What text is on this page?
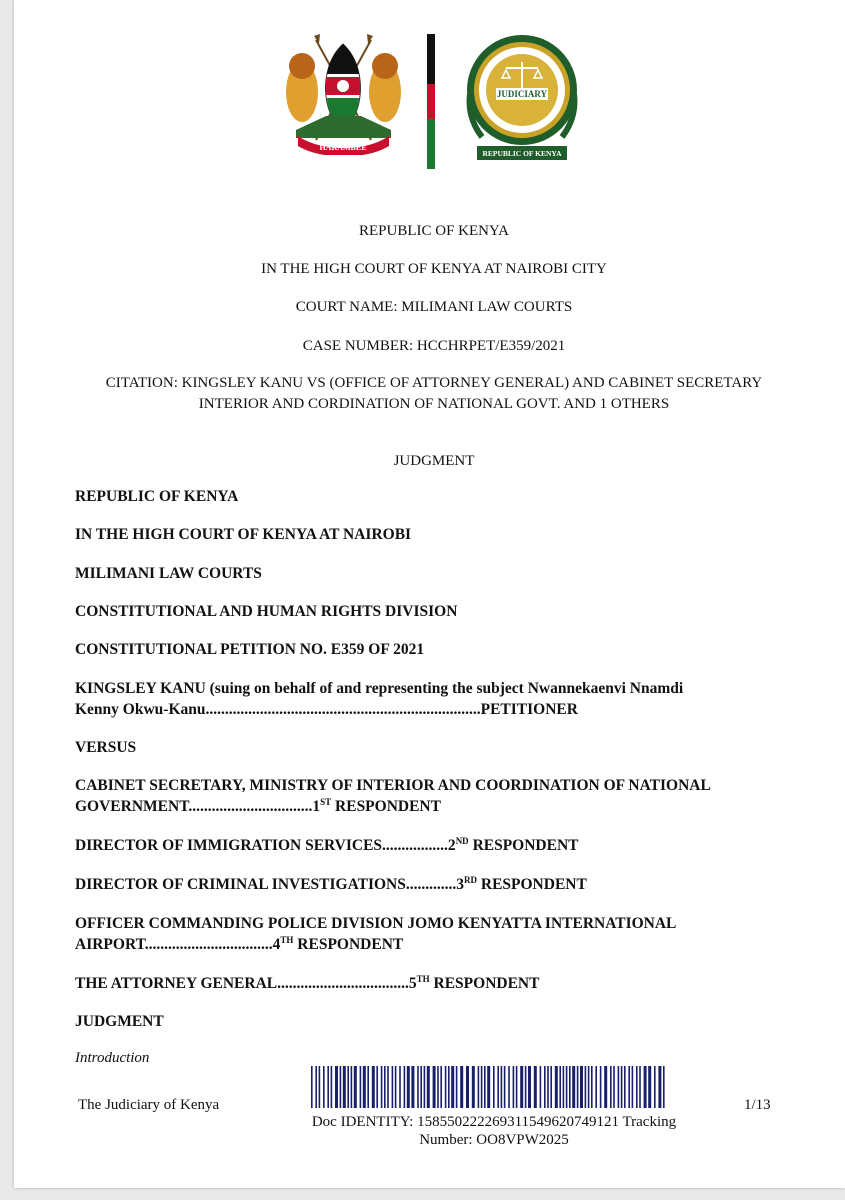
HARAMBEE
JUDICIARY
REPUBLIC OF KENYA
REPUBLIC OF KENYA
IN THE HIGH COURT OF KENYA AT NAIROBI CITY
COURT NAME: MILIMANI LAW COURTS
CASE NUMBER: HCCHRPET/E359/2021
CITATION: KINGSLEY KANU VS (OFFICE OF ATTORNEY GENERAL) AND CABINET SECRETARY
INTERIOR AND CORDINATION OF NATIONAL GOVT. AND 1 OTHERS
JUDGMENT
REPUBLIC OF KENYA
IN THE HIGH COURT OF KENYA AT NAIROBI
MILIMANI LAW COURTS
CONSTITUTIONAL AND HUMAN RIGHTS DIVISION
CONSTITUTIONAL PETITION NO. E359 OF 2021
KINGSLEY KANU (suing on behalf of and representing the subject Nwannekaenvi Nnamdi
Kenny Okwu-Kanu.......................................................................PETITIONER
VERSUS
CABINET SECRETARY, MINISTRY OF INTERIOR AND COORDINATION OF NATIONAL
GOVERNMENT................................1ST RESPONDENT
DIRECTOR OF IMMIGRATION SERVICES.................2ND RESPONDENT
DIRECTOR OF CRIMINAL INVESTIGATIONS.............3RD RESPONDENT
OFFICER COMMANDING POLICE DIVISION JOMO KENYATTA INTERNATIONAL
AIRPORT.................................4TH RESPONDENT
THE ATTORNEY GENERAL..................................5TH RESPONDENT
JUDGMENT
Introduction
The Judiciary of Kenya	1/13
Doc IDENTITY: 158550222269311549620749121 Tracking
Number: OO8VPW2025
